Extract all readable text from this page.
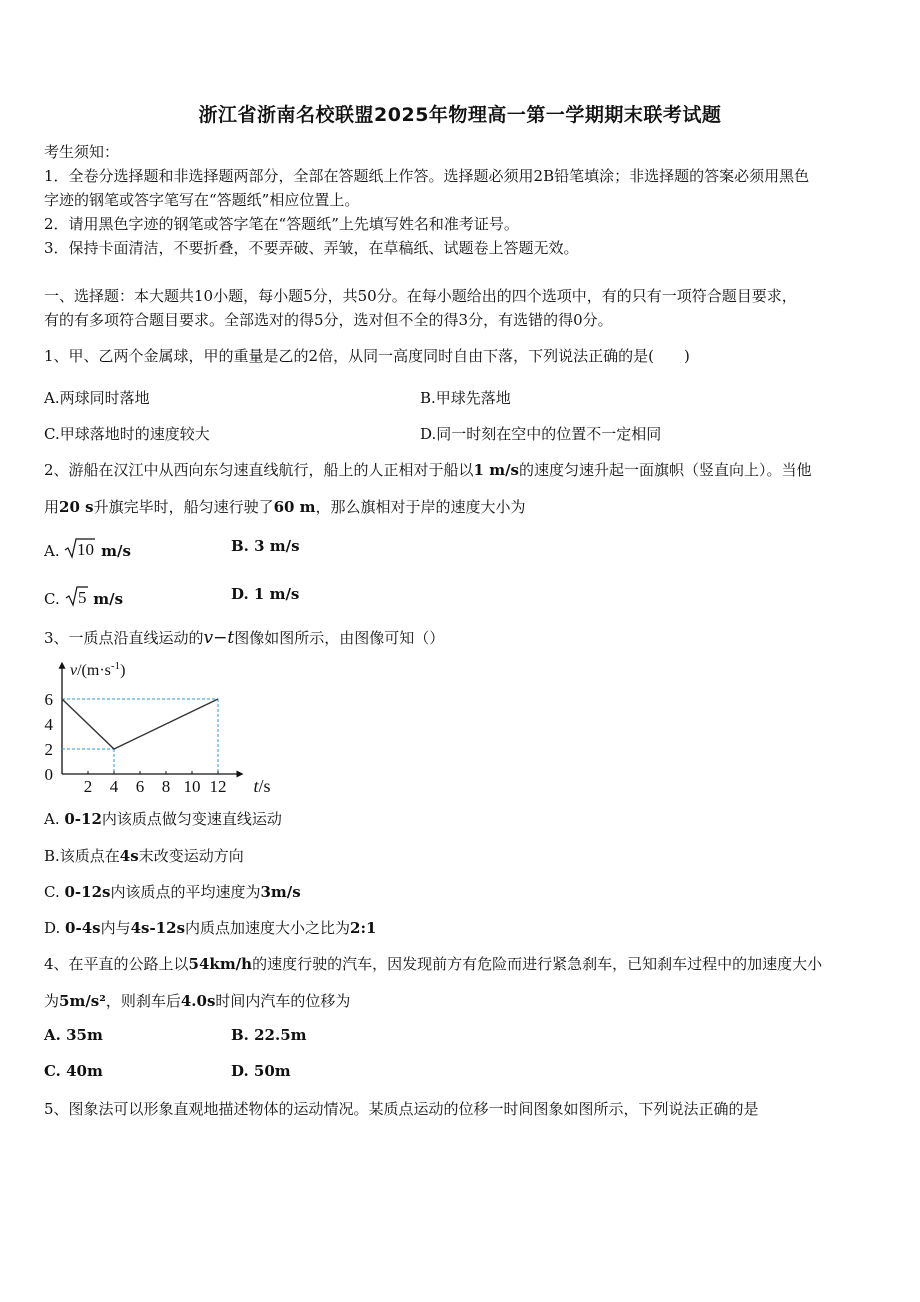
浙江省浙南名校联盟2025年物理高一第一学期期末联考试题
考生须知：
1．全卷分选择题和非选择题两部分，全部在答题纸上作答。选择题必须用2B铅笔填涂；非选择题的答案必须用黑色
字迹的钢笔或答字笔写在“答题纸”相应位置上。
2．请用黑色字迹的钢笔或答字笔在“答题纸”上先填写姓名和准考证号。
3．保持卡面清洁，不要折叠，不要弄破、弄皱，在草稿纸、试题卷上答题无效。
一、选择题：本大题共10小题，每小题5分，共50分。在每小题给出的四个选项中，有的只有一项符合题目要求，
有的有多项符合题目要求。全部选对的得5分，选对但不全的得3分，有选错的得0分。
1、甲、乙两个金属球，甲的重量是乙的2倍，从同一高度同时自由下落，下列说法正确的是(　　)
A.两球同时落地	B.甲球先落地
C.甲球落地时的速度较大	D.同一时刻在空中的位置不一定相同
2、游船在汉江中从西向东匀速直线航行，船上的人正相对于船以1 m/s的速度匀速升起一面旗帜（竖直向上）。当他
用20 s升旗完毕时，船匀速行驶了60 m，那么旗相对于岸的速度大小为
A. 10 m/s	B. 3 m/s
C. 5 m/s	D. 1 m/s
3、一质点沿直线运动的v−t图像如图所示，由图像可知（）
2 4 6 8 10 12
0
2
4
6
$v/(m\cdot s^{-1})$
t/s
A. 0-12内该质点做匀变速直线运动
B.该质点在4s末改变运动方向
C. 0-12s内该质点的平均速度为3m/s
D. 0-4s内与4s-12s内质点加速度大小之比为2:1
4、在平直的公路上以54km/h的速度行驶的汽车，因发现前方有危险而进行紧急刹车，已知刹车过程中的加速度大小
为5m/s²，则刹车后4.0s时间内汽车的位移为
A. 35m	B. 22.5m
C. 40m	D. 50m
5、图象法可以形象直观地描述物体的运动情况。某质点运动的位移一时间图象如图所示，下列说法正确的是
